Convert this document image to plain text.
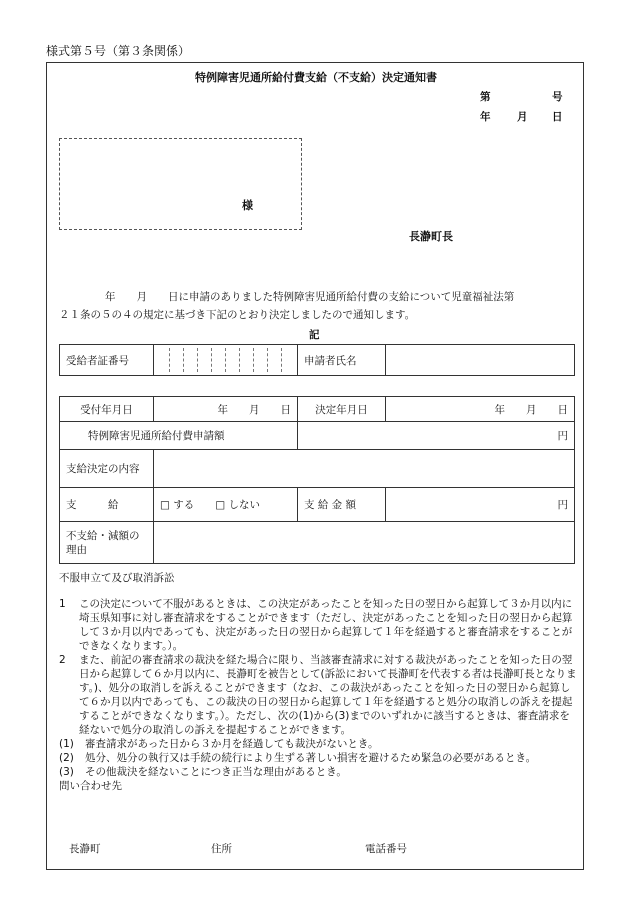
様式第５号（第３条関係）
特例障害児通所給付費支給（不支給）決定通知書
第	号
年	月 日
様
長瀞町長
年　　月　　日に申請のありました特例障害児通所給付費の支給について児童福祉法第
２１条の５の４の規定に基づき下記のとおり決定しましたので通知します。
記
受給者証番号		申請者氏名	
受付年月日	年　　月　　日	決定年月日	年　　月　　日
特例障害児通所給付費申請額		円	
支給決定の内容			
支　　　給	□ する　　□ しない	支 給 金 額	円
不支給・減額の理由			
不服申立て及び取消訴訟
1	この決定について不服があるときは、この決定があったことを知った日の翌日から起算して３か月以内に埼玉県知事に対し審査請求をすることができます（ただし、決定があったことを知った日の翌日から起算して３か月以内であっても、決定があった日の翌日から起算して１年を経過すると審査請求をすることができなくなります。）。
2	また、前記の審査請求の裁決を経た場合に限り、当該審査請求に対する裁決があったことを知った日の翌日から起算して６か月以内に、長瀞町を被告として(訴訟において長瀞町を代表する者は長瀞町長となります。)、処分の取消しを訴えることができます（なお、この裁決があったことを知った日の翌日から起算して６か月以内であっても、この裁決の日の翌日から起算して１年を経過すると処分の取消しの訴えを提起することができなくなります。）。ただし、次の(1)から(3)までのいずれかに該当するときは、審査請求を経ないで処分の取消しの訴えを提起することができます。
(1)	審査請求があった日から３か月を経過しても裁決がないとき。
(2)	処分、処分の執行又は手続の続行により生ずる著しい損害を避けるため緊急の必要があるとき。
(3)	その他裁決を経ないことにつき正当な理由があるとき。
問い合わせ先
長瀞町	住所	電話番号
